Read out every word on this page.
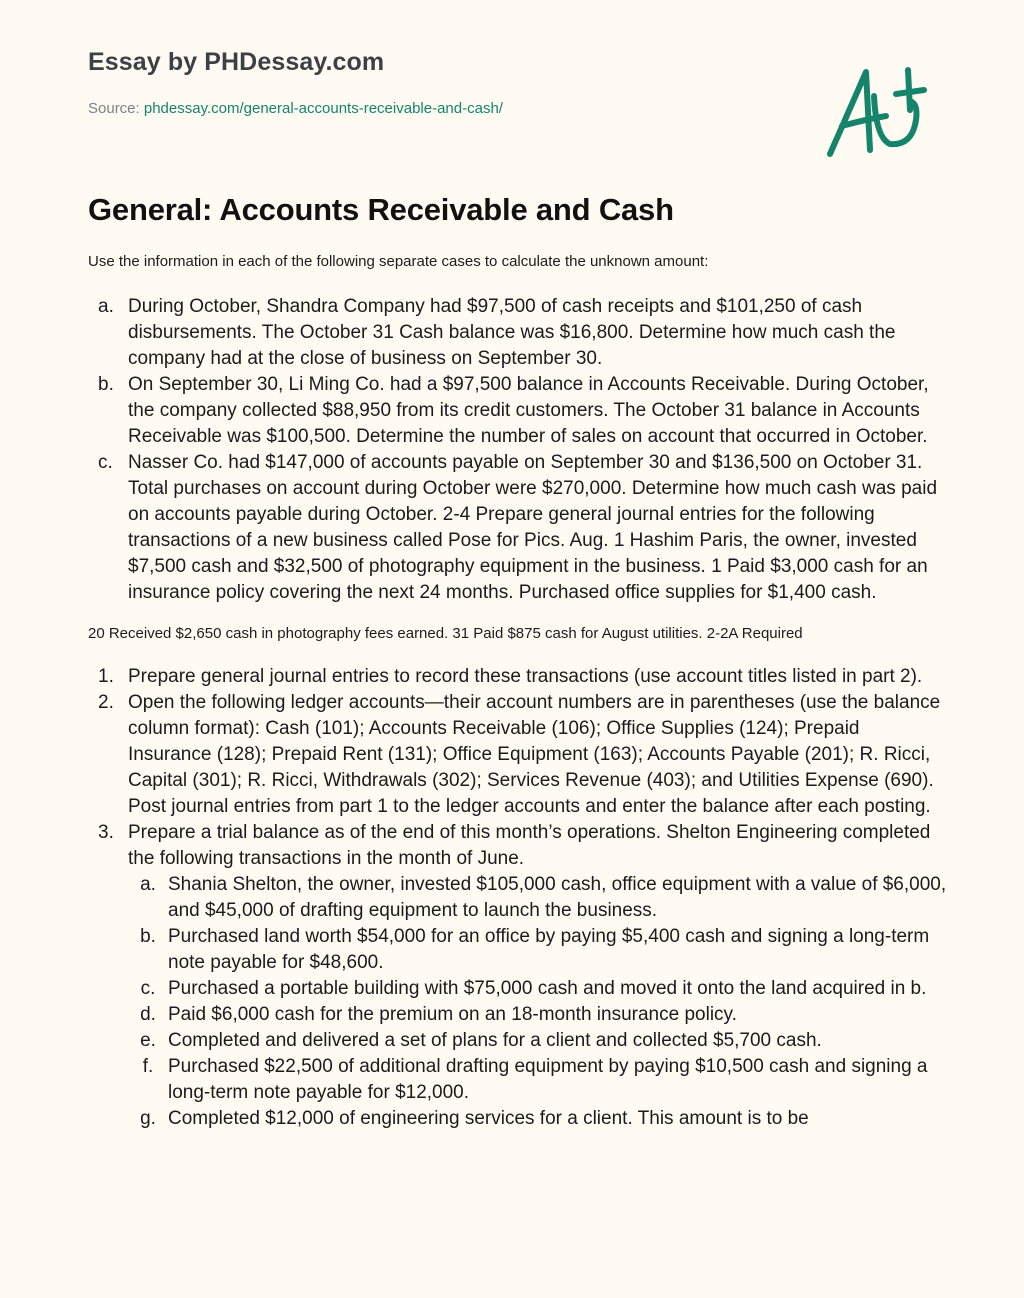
Essay by PHDessay.com
Source: phdessay.com/general-accounts-receivable-and-cash/
General: Accounts Receivable and Cash

Use the information in each of the following separate cases to calculate the unknown amount:

a. During October, Shandra Company had $97,500 of cash receipts and $101,250 of cash disbursements. The October 31 Cash balance was $16,800. Determine how much cash the company had at the close of business on September 30.
b. On September 30, Li Ming Co. had a $97,500 balance in Accounts Receivable. During October, the company collected $88,950 from its credit customers. The October 31 balance in Accounts Receivable was $100,500. Determine the number of sales on account that occurred in October.
c. Nasser Co. had $147,000 of accounts payable on September 30 and $136,500 on October 31. Total purchases on account during October were $270,000. Determine how much cash was paid on accounts payable during October. 2-4 Prepare general journal entries for the following transactions of a new business called Pose for Pics. Aug. 1 Hashim Paris, the owner, invested $7,500 cash and $32,500 of photography equipment in the business. 1 Paid $3,000 cash for an insurance policy covering the next 24 months. Purchased office supplies for $1,400 cash.

20 Received $2,650 cash in photography fees earned. 31 Paid $875 cash for August utilities. 2-2A Required

1. Prepare general journal entries to record these transactions (use account titles listed in part 2).
2. Open the following ledger accounts—their account numbers are in parentheses (use the balance column format): Cash (101); Accounts Receivable (106); Office Supplies (124); Prepaid Insurance (128); Prepaid Rent (131); Office Equipment (163); Accounts Payable (201); R. Ricci, Capital (301); R. Ricci, Withdrawals (302); Services Revenue (403); and Utilities Expense (690). Post journal entries from part 1 to the ledger accounts and enter the balance after each posting.
3. Prepare a trial balance as of the end of this month’s operations. Shelton Engineering completed the following transactions in the month of June.
a. Shania Shelton, the owner, invested $105,000 cash, office equipment with a value of $6,000, and $45,000 of drafting equipment to launch the business.
b. Purchased land worth $54,000 for an office by paying $5,400 cash and signing a long-term note payable for $48,600.
c. Purchased a portable building with $75,000 cash and moved it onto the land acquired in b.
d. Paid $6,000 cash for the premium on an 18-month insurance policy.
e. Completed and delivered a set of plans for a client and collected $5,700 cash.
f. Purchased $22,500 of additional drafting equipment by paying $10,500 cash and signing a long-term note payable for $12,000.
g. Completed $12,000 of engineering services for a client. This amount is to be
